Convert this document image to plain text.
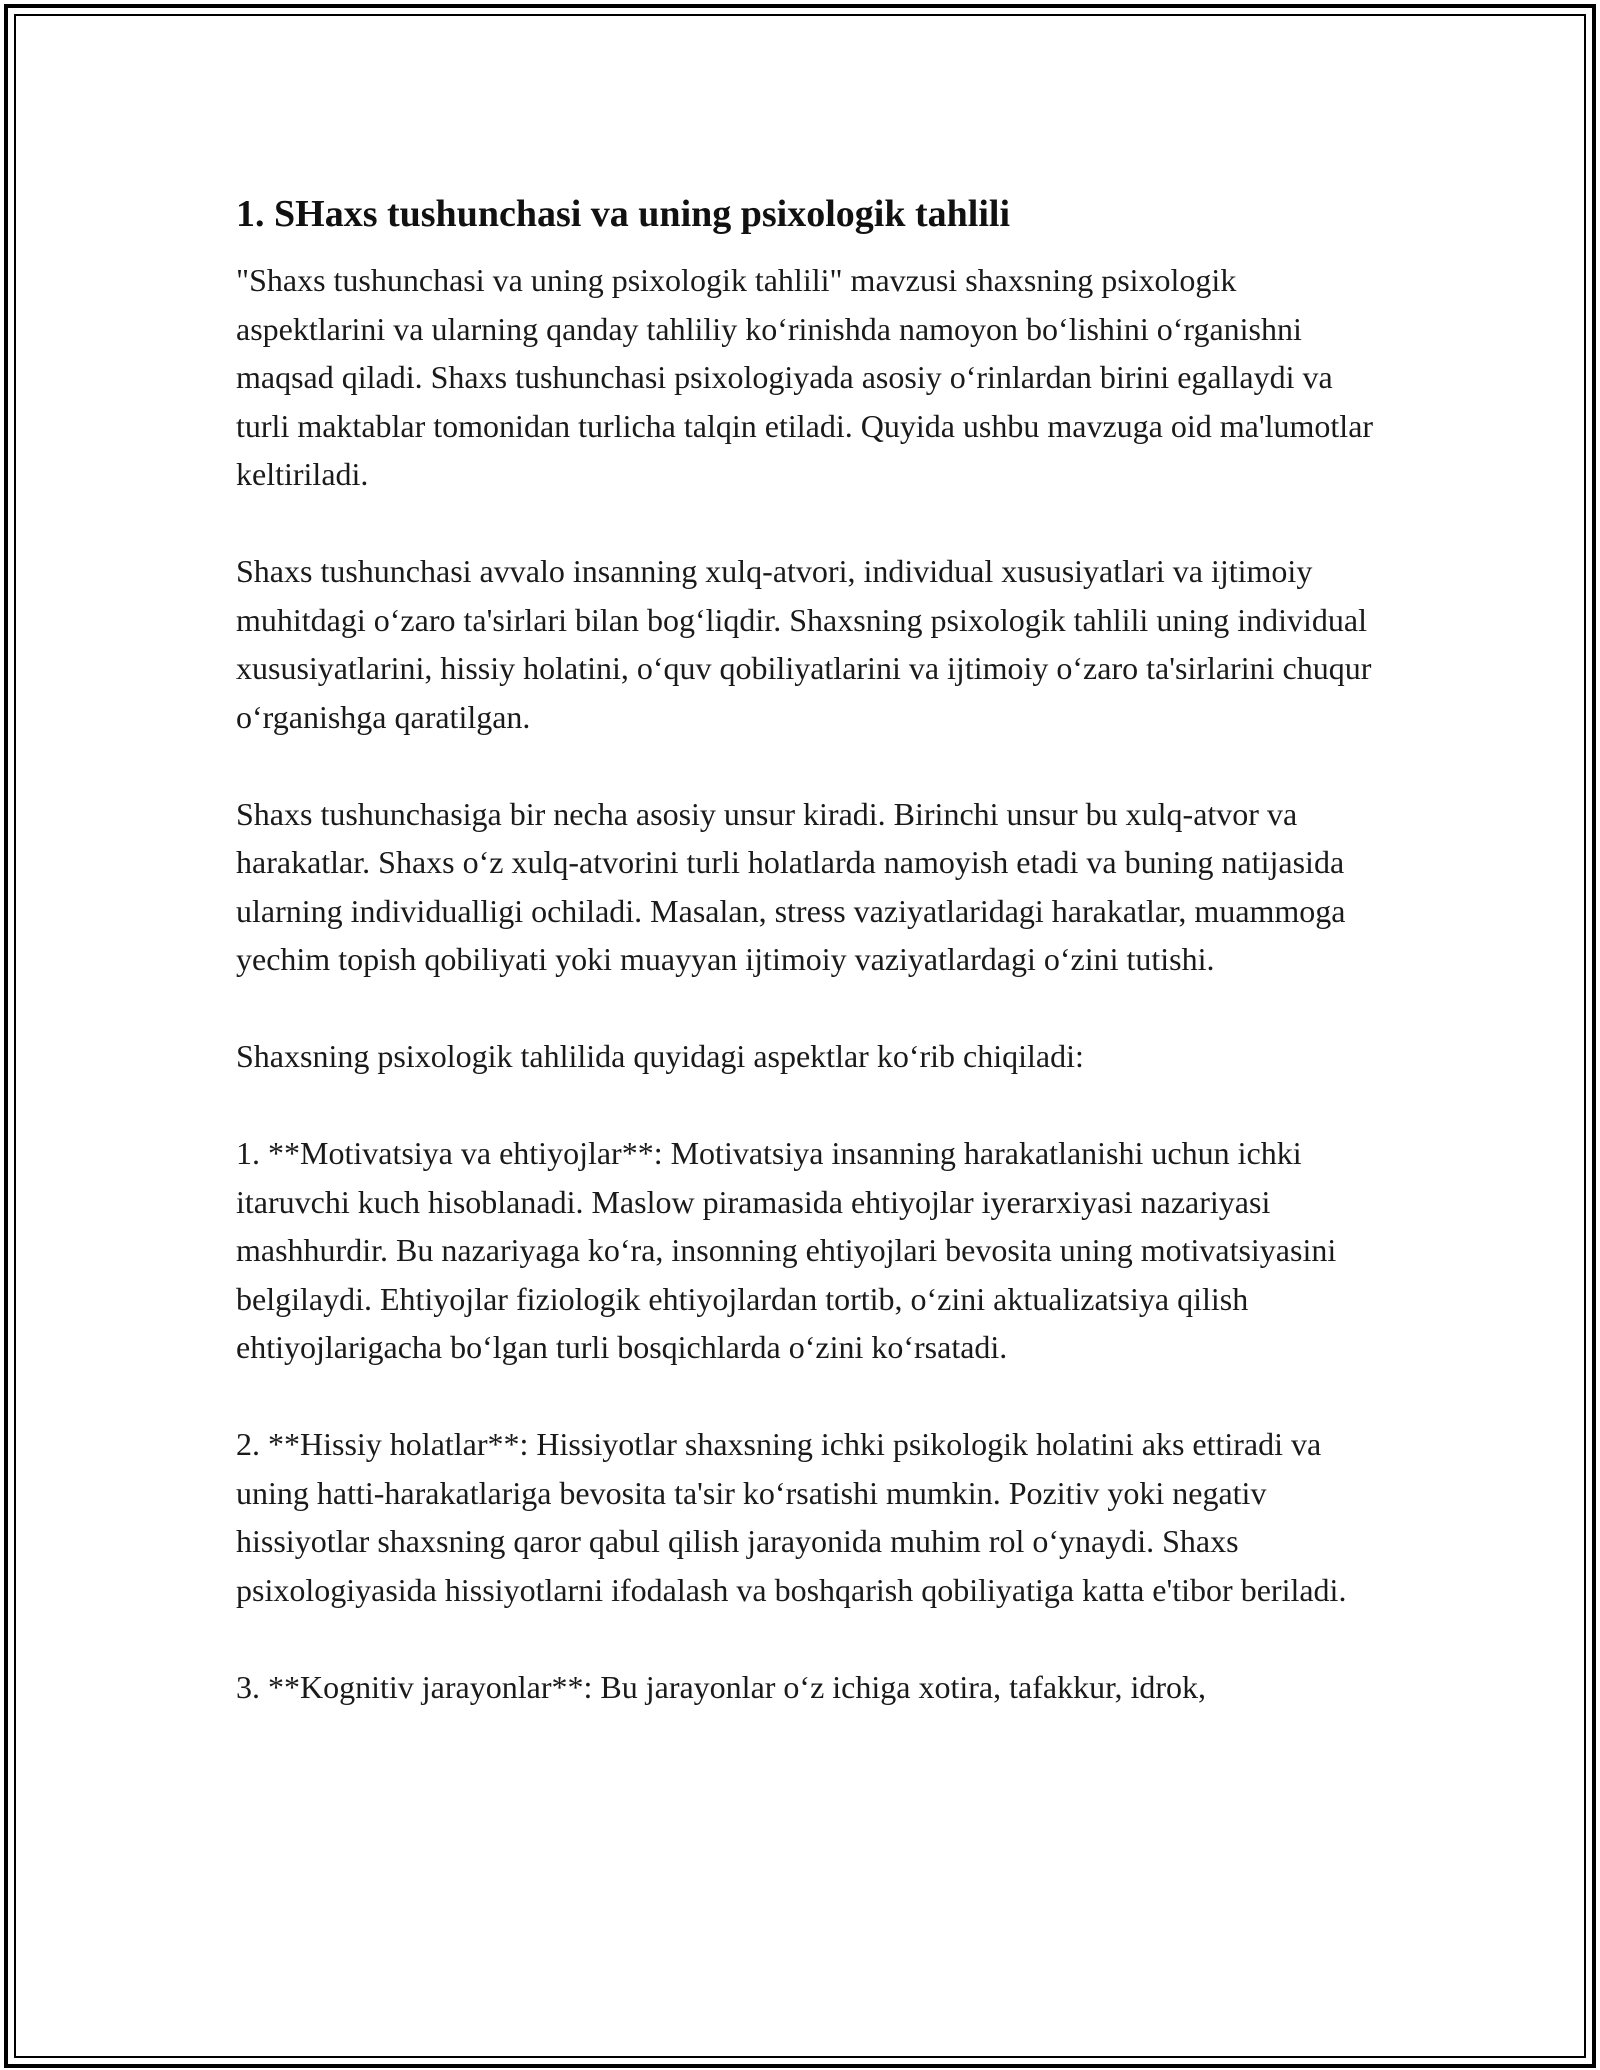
1. SHaxs tushunchasi va uning psixologik tahlili

"Shaxs tushunchasi va uning psixologik tahlili" mavzusi shaxsning psixologik aspektlarini va ularning qanday tahliliy koʻrinishda namoyon boʻlishini oʻrganishni maqsad qiladi. Shaxs tushunchasi psixologiyada asosiy oʻrinlardan birini egallaydi va turli maktablar tomonidan turlicha talqin etiladi. Quyida ushbu mavzuga oid ma'lumotlar keltiriladi.

Shaxs tushunchasi avvalo insanning xulq-atvori, individual xususiyatlari va ijtimoiy muhitdagi oʻzaro ta'sirlari bilan bogʻliqdir. Shaxsning psixologik tahlili uning individual xususiyatlarini, hissiy holatini, oʻquv qobiliyatlarini va ijtimoiy oʻzaro ta'sirlarini chuqur oʻrganishga qaratilgan.

Shaxs tushunchasiga bir necha asosiy unsur kiradi. Birinchi unsur bu xulq-atvor va harakatlar. Shaxs oʻz xulq-atvorini turli holatlarda namoyish etadi va buning natijasida ularning individualligi ochiladi. Masalan, stress vaziyatlaridagi harakatlar, muammoga yechim topish qobiliyati yoki muayyan ijtimoiy vaziyatlardagi oʻzini tutishi.

Shaxsning psixologik tahlilida quyidagi aspektlar koʻrib chiqiladi:

1. **Motivatsiya va ehtiyojlar**: Motivatsiya insanning harakatlanishi uchun ichki itaruvchi kuch hisoblanadi. Maslow piramasida ehtiyojlar iyerarxiyasi nazariyasi mashhurdir. Bu nazariyaga koʻra, insonning ehtiyojlari bevosita uning motivatsiyasini belgilaydi. Ehtiyojlar fiziologik ehtiyojlardan tortib, oʻzini aktualizatsiya qilish ehtiyojlarigacha boʻlgan turli bosqichlarda oʻzini koʻrsatadi.

2. **Hissiy holatlar**: Hissiyotlar shaxsning ichki psikologik holatini aks ettiradi va uning hatti-harakatlariga bevosita ta'sir koʻrsatishi mumkin. Pozitiv yoki negativ hissiyotlar shaxsning qaror qabul qilish jarayonida muhim rol oʻynaydi. Shaxs psixologiyasida hissiyotlarni ifodalash va boshqarish qobiliyatiga katta e'tibor beriladi.

3. **Kognitiv jarayonlar**: Bu jarayonlar oʻz ichiga xotira, tafakkur, idrok,
